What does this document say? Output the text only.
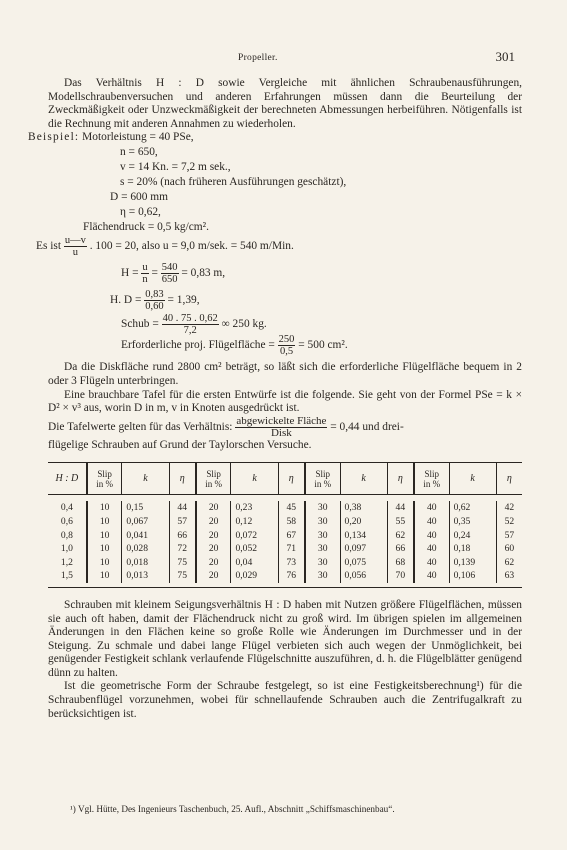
Propeller.	301

Das Verhältnis H : D sowie Vergleiche mit ähnlichen Schraubenausführungen, Modellschraubenversuchen und anderen Erfahrungen müssen dann die Beurteilung der Zweckmäßigkeit oder Unzweckmäßigkeit der berechneten Abmessungen herbeiführen. Nötigenfalls ist die Rechnung mit anderen Annahmen zu wiederholen.

Beispiel: Motorleistung = 40 PSe,
n = 650,
v = 14 Kn. = 7,2 m sek.,
s = 20% (nach früheren Ausführungen geschätzt),
D = 600 mm
η = 0,62,
Flächendruck = 0,5 kg/cm².
Es ist $\frac{u—v}{u}$ . 100 = 20, also u = 9,0 m/sek. = 540 m/Min.
$H = \frac{u}{n} = \frac{540}{650} = 0,83$ m,
H. $D = \frac{0,83}{0,60} = 1,39$,
Schub = $\frac{40 . 75 . 0,62}{7,2}$ ∞ 250 kg.
Erforderliche proj. Flügelfläche = $\frac{250}{0,5} = 500$ cm².

Da die Diskfläche rund 2800 cm² beträgt, so läßt sich die erforderliche Flügelfläche bequem in 2 oder 3 Flügeln unterbringen.

Eine brauchbare Tafel für die ersten Entwürfe ist die folgende. Sie geht von der Formel PSe = k × D² × v³ aus, worin D in m, v in Knoten ausgedrückt ist.

Die Tafelwerte gelten für das Verhältnis: $\frac{\text{abgewickelte Fläche}}{\text{Disk}} = 0,44$ und drei-

flügelige Schrauben auf Grund der Taylorschen Versuche.

H : D	Slip
in %	k	η	Slip
in %	k	η	Slip
in %	k	η	Slip
in %	k	η

0,4	10	0,15	44	20	0,23	45	30	0,38	44	40	0,62	42
0,6	10	0,067	57	20	0,12	58	30	0,20	55	40	0,35	52
0,8	10	0,041	66	20	0,072	67	30	0,134	62	40	0,24	57
1,0	10	0,028	72	20	0,052	71	30	0,097	66	40	0,18	60
1,2	10	0,018	75	20	0,04	73	30	0,075	68	40	0,139	62
1,5	10	0,013	75	20	0,029	76	30	0,056	70	40	0,106	63

Schrauben mit kleinem Seigungsverhältnis H : D haben mit Nutzen größere Flügelflächen, müssen sie auch oft haben, damit der Flächendruck nicht zu groß wird. Im übrigen spielen im allgemeinen Änderungen in den Flächen keine so große Rolle wie Änderungen im Durchmesser und in der Steigung. Zu schmale und dabei lange Flügel verbieten sich auch wegen der Unmöglichkeit, bei genügender Festigkeit schlank verlaufende Flügelschnitte auszuführen, d. h. die Flügelblätter genügend dünn zu halten.

Ist die geometrische Form der Schraube festgelegt, so ist eine Festigkeitsberechnung¹) für die Schraubenflügel vorzunehmen, wobei für schnellaufende Schrauben auch die Zentrifugalkraft zu berücksichtigen ist.

¹) Vgl. Hütte, Des Ingenieurs Taschenbuch, 25. Aufl., Abschnitt „Schiffsmaschinenbau“.
